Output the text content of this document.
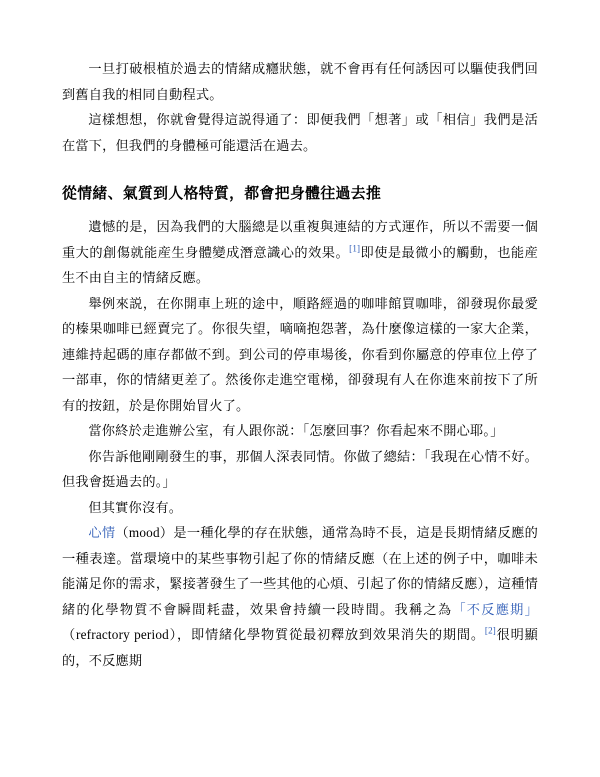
一旦打破根植於過去的情緒成癮狀態，就不會再有任何誘因可以驅使我們回到舊自我的相同自動程式。

這樣想想，你就會覺得這説得通了：即便我們「想著」或「相信」我們是活在當下，但我們的身體極可能還活在過去。

從情緒、氣質到人格特質，都會把身體往過去推

遺憾的是，因為我們的大腦總是以重複與連結的方式運作，所以不需要一個重大的創傷就能産生身體變成潛意識心的效果。[1]即使是最微小的觸動，也能産生不由自主的情緒反應。

舉例來説，在你開車上班的途中，順路經過的咖啡館買咖啡，卻發現你最愛的榛果咖啡已經賣完了。你很失望，嘀嘀抱怨著，為什麼像這樣的一家大企業，連維持起碼的庫存都做不到。到公司的停車場後，你看到你屬意的停車位上停了一部車，你的情緒更差了。然後你走進空電梯，卻發現有人在你進來前按下了所有的按鈕，於是你開始冒火了。

當你終於走進辦公室，有人跟你説：「怎麼回事？你看起來不開心耶。」

你告訴他剛剛發生的事，那個人深表同情。你做了總結：「我現在心情不好。但我會挺過去的。」

但其實你沒有。

心情（mood）是一種化學的存在狀態，通常為時不長，這是長期情緒反應的一種表達。當環境中的某些事物引起了你的情緒反應（在上述的例子中，咖啡未能滿足你的需求，緊接著發生了一些其他的心煩、引起了你的情緒反應），這種情緒的化學物質不會瞬間耗盡，效果會持續一段時間。我稱之為「不反應期」（refractory period），即情緒化學物質從最初釋放到效果消失的期間。[2]很明顯的，不反應期
